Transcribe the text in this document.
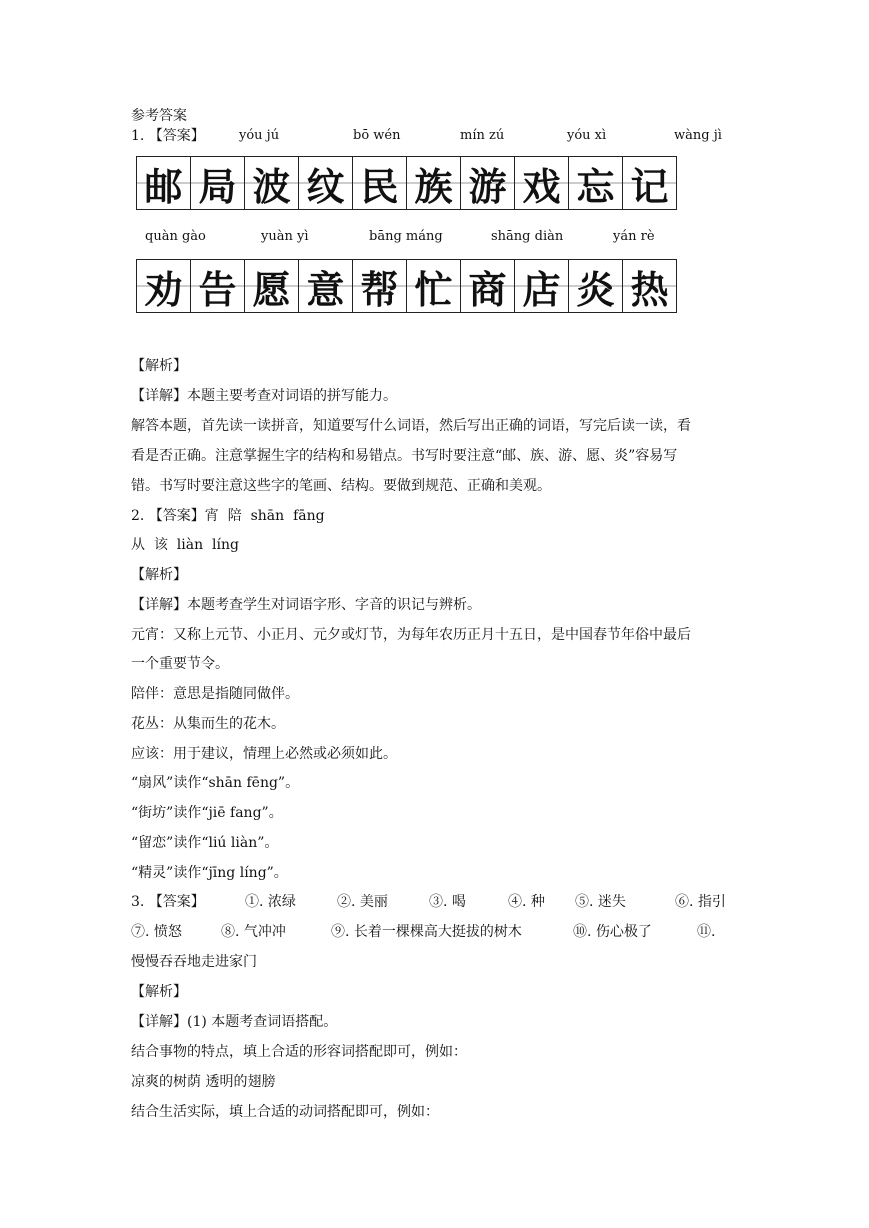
参考答案
1. 【答案】	yóu jú	bō wén	mín zú	yóu xì	wàng jì
邮 局 波 纹 民 族 游 戏 忘 记
quàn gào	yuàn yì	bāng máng	shāng diàn	yán rè
劝 告 愿 意 帮 忙 商 店 炎 热
【解析】
【详解】本题主要考查对词语的拼写能力。
解答本题，首先读一读拼音，知道要写什么词语，然后写出正确的词语，写完后读一读，看
看是否正确。注意掌握生字的结构和易错点。书写时要注意“邮、族、游、愿、炎”容易写
错。书写时要注意这些字的笔画、结构。要做到规范、正确和美观。
2. 【答案】宵  陪  shān  fāng
从  该  liàn  líng
【解析】
【详解】本题考查学生对词语字形、字音的识记与辨析。
元宵：又称上元节、小正月、元夕或灯节，为每年农历正月十五日，是中国春节年俗中最后
一个重要节令。
陪伴：意思是指随同做伴。
花丛：从集而生的花木。
应该：用于建议，情理上必然或必须如此。
“扇风”读作“shān fēng”。
“街坊”读作“jiē fang”。
“留恋”读作“liú liàn”。
“精灵”读作“jīng líng”。
3. 【答案】	①. 浓绿	②. 美丽	③. 喝	④. 种 ⑤. 迷失	⑥. 指引
⑦. 愤怒	⑧. 气冲冲	⑨. 长着一棵棵高大挺拔的树木	⑩. 伤心极了	⑪.
慢慢吞吞地走进家门
【解析】
【详解】(1) 本题考查词语搭配。
结合事物的特点，填上合适的形容词搭配即可，例如：
凉爽的树荫 透明的翅膀
结合生活实际，填上合适的动词搭配即可，例如：
